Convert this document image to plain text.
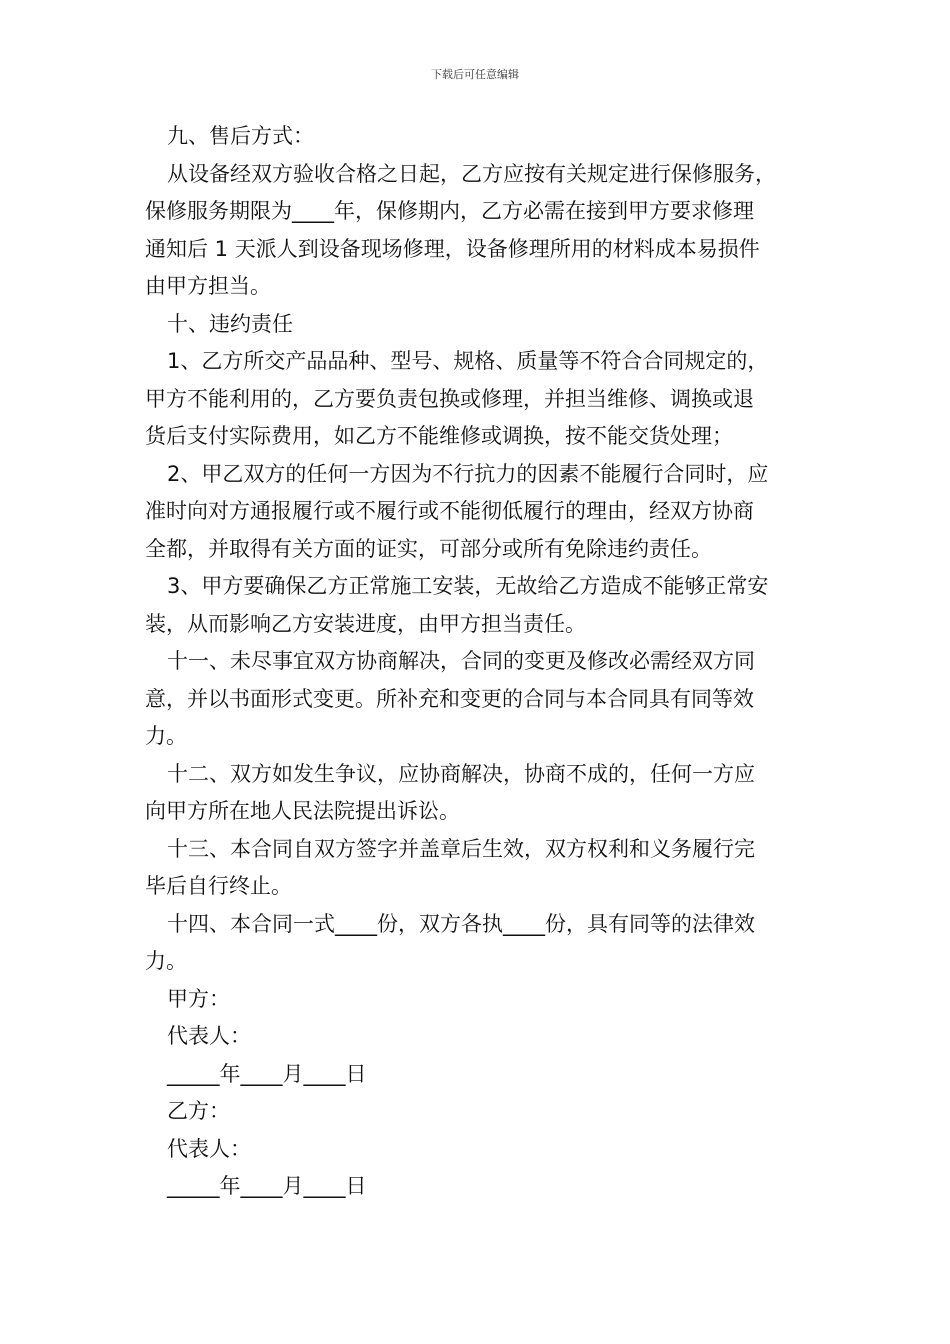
下载后可任意编辑

九、售后方式：

从设备经双方验收合格之日起，乙方应按有关规定进行保修服务，
保修服务期限为____年，保修期内，乙方必需在接到甲方要求修理
通知后 1 天派人到设备现场修理，设备修理所用的材料成本易损件
由甲方担当。

十、违约责任

1、乙方所交产品品种、型号、规格、质量等不符合合同规定的，
甲方不能利用的，乙方要负责包换或修理，并担当维修、调换或退
货后支付实际费用，如乙方不能维修或调换，按不能交货处理；

2、甲乙双方的任何一方因为不行抗力的因素不能履行合同时，应
准时向对方通报履行或不履行或不能彻低履行的理由，经双方协商
全都，并取得有关方面的证实，可部分或所有免除违约责任。

3、甲方要确保乙方正常施工安装，无故给乙方造成不能够正常安
装，从而影响乙方安装进度，由甲方担当责任。

十一、未尽事宜双方协商解决，合同的变更及修改必需经双方同
意，并以书面形式变更。所补充和变更的合同与本合同具有同等效
力。

十二、双方如发生争议，应协商解决，协商不成的，任何一方应
向甲方所在地人民法院提出诉讼。

十三、本合同自双方签字并盖章后生效，双方权利和义务履行完
毕后自行终止。

十四、本合同一式____份，双方各执____份，具有同等的法律效
力。

甲方：

代表人：

_____年____月____日

乙方：

代表人：

_____年____月____日
